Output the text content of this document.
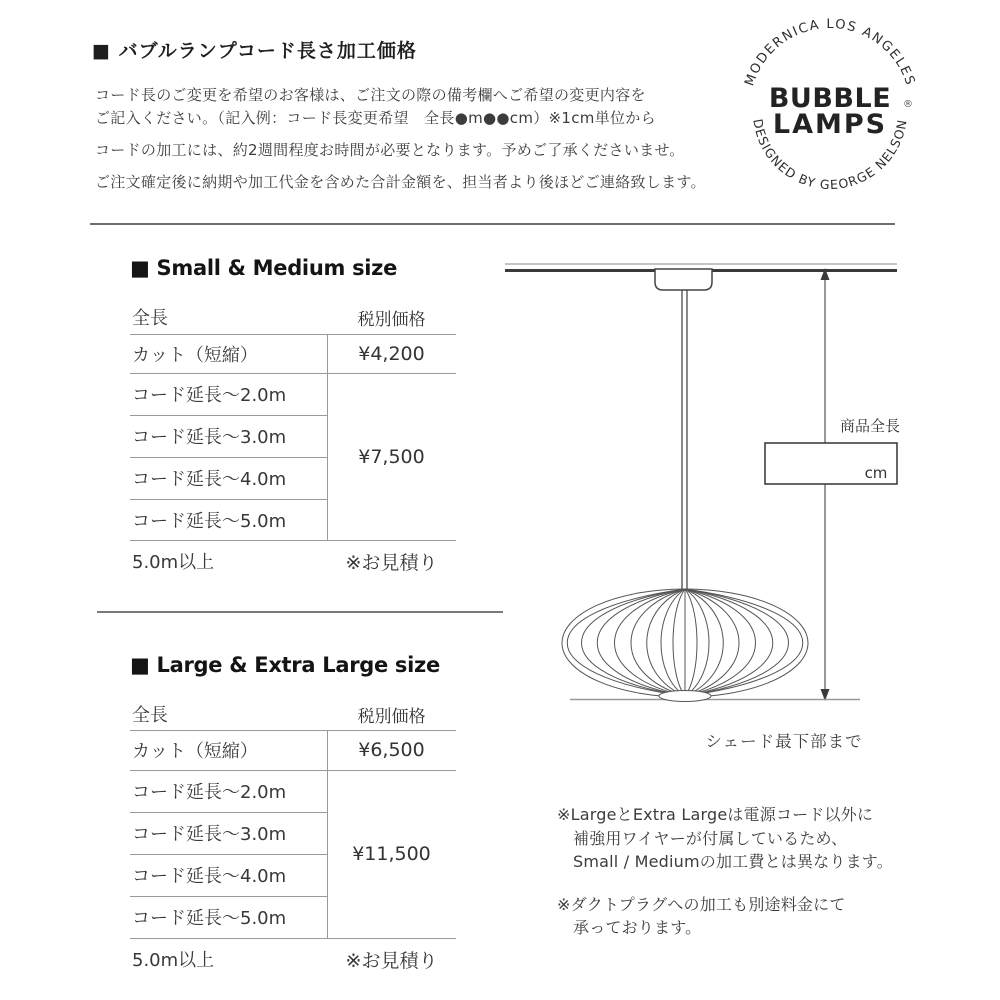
■ バブルランプコード長さ加工価格
コード長のご変更を希望のお客様は、ご注文の際の備考欄へご希望の変更内容を
ご記入ください。（記入例：コード長変更希望　全長●m●●cm）※1cm単位から
コードの加工には、約2週間程度お時間が必要となります。予めご了承くださいませ。
ご注文確定後に納期や加工代金を含めた合計金額を、担当者より後ほどご連絡致します。
MODERNICA LOS ANGELES
DESIGNED BY GEORGE NELSON
BUBBLE
LAMPS
®
■ Small & Medium size
全長	税別価格
カット（短縮）
コード延長～2.0m
コード延長～3.0m
コード延長～4.0m
コード延長～5.0m
5.0m以上
¥4,200
¥7,500
※お見積り
■ Large & Extra Large size
全長	税別価格
カット（短縮）
コード延長～2.0m
コード延長～3.0m
コード延長～4.0m
コード延長～5.0m
5.0m以上
¥6,500
¥11,500
※お見積り
商品全長
cm
シェード最下部まで
※LargeとExtra Largeは電源コード以外に
補強用ワイヤーが付属しているため、
Small / Mediumの加工費とは異なります。
※ダクトプラグへの加工も別途料金にて
承っております。
